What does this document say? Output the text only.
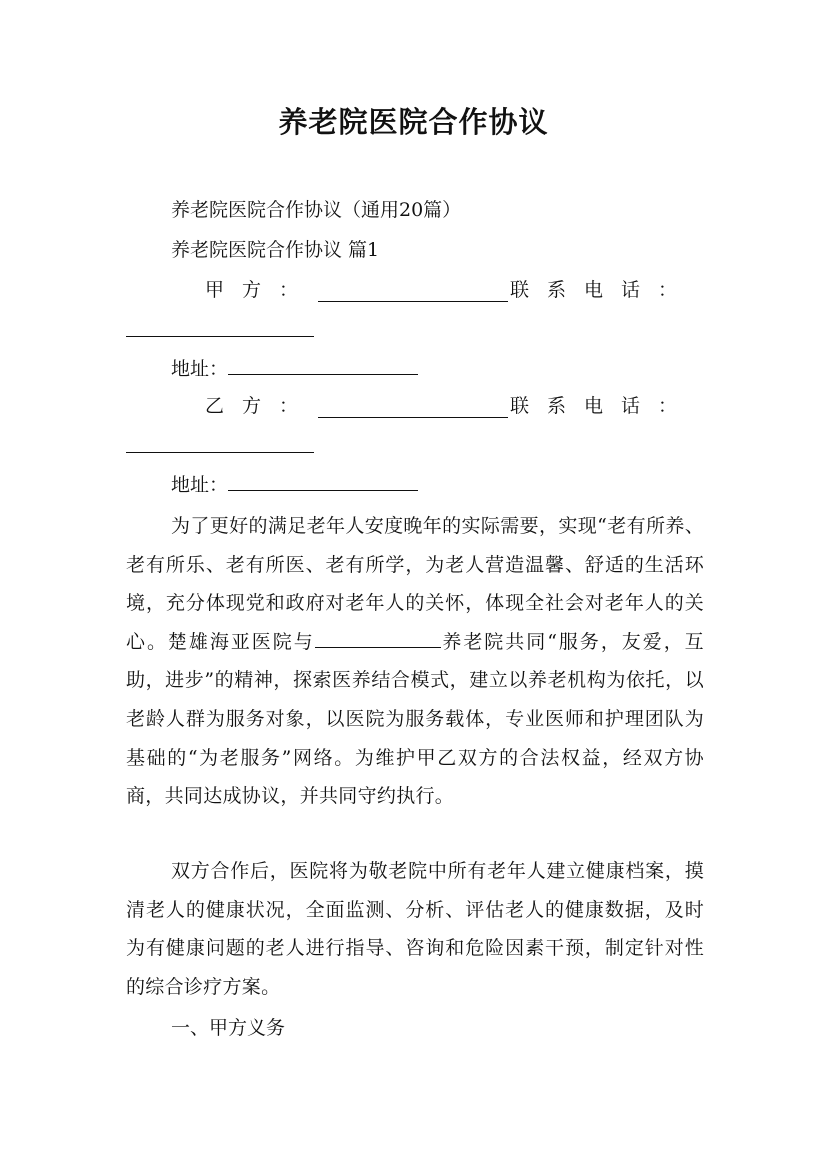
养老院医院合作协议
养老院医院合作协议（通用20篇）
养老院医院合作协议 篇1
甲方：	联系电话：
地址：
乙方：	联系电话：
地址：

为了更好的满足老年人安度晚年的实际需要，实现“老有所养、老有所乐、老有所医、老有所学，为老人营造温馨、舒适的生活环境，充分体现党和政府对老年人的关怀，体现全社会对老年人的关心。楚雄海亚医院与	养老院共同“服务，友爱，互助，进步”的精神，探索医养结合模式，建立以养老机构为依托，以老龄人群为服务对象，以医院为服务载体，专业医师和护理团队为基础的“为老服务”网络。为维护甲乙双方的合法权益，经双方协商，共同达成协议，并共同守约执行。

双方合作后，医院将为敬老院中所有老年人建立健康档案，摸清老人的健康状况，全面监测、分析、评估老人的健康数据，及时为有健康问题的老人进行指导、咨询和危险因素干预，制定针对性的综合诊疗方案。

一、甲方义务
